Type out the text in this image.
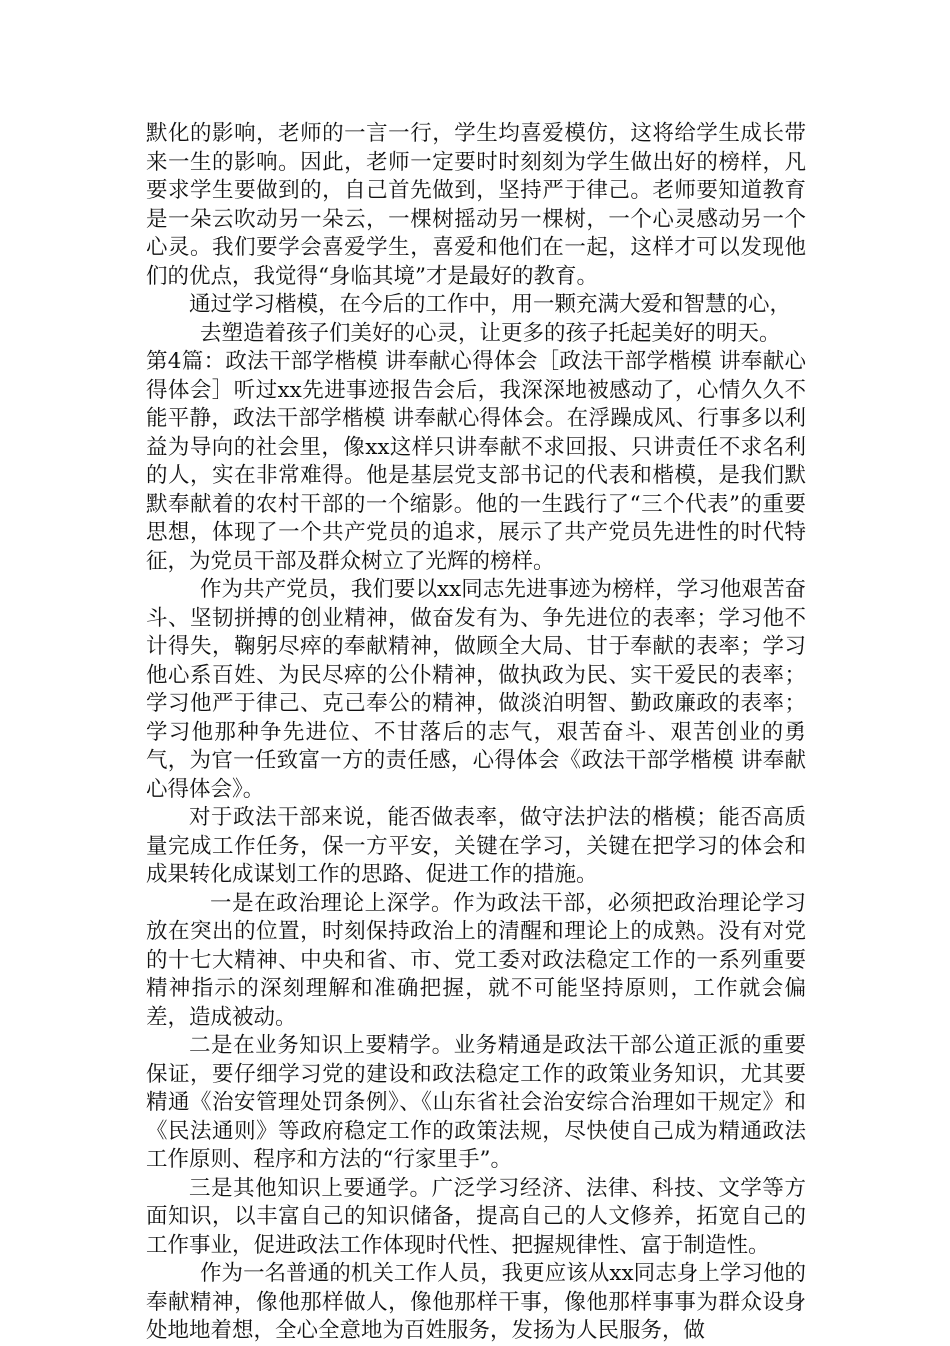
默化的影响，老师的一言一行，学生均喜爱模仿，这将给学生成长带来一生的影响。因此，老师一定要时时刻刻为学生做出好的榜样，凡要求学生要做到的，自己首先做到，坚持严于律己。老师要知道教育是一朵云吹动另一朵云，一棵树摇动另一棵树，一个心灵感动另一个心灵。我们要学会喜爱学生，喜爱和他们在一起，这样才可以发现他们的优点，我觉得“身临其境”才是最好的教育。

通过学习楷模，在今后的工作中，用一颗充满大爱和智慧的心，

去塑造着孩子们美好的心灵，让更多的孩子托起美好的明天。

第4篇：政法干部学楷模 讲奉献心得体会［政法干部学楷模 讲奉献心得体会］听过xx先进事迹报告会后，我深深地被感动了，心情久久不能平静，政法干部学楷模 讲奉献心得体会。在浮躁成风、行事多以利益为导向的社会里，像xx这样只讲奉献不求回报、只讲责任不求名利的人，实在非常难得。他是基层党支部书记的代表和楷模，是我们默默奉献着的农村干部的一个缩影。他的一生践行了“三个代表”的重要思想，体现了一个共产党员的追求，展示了共产党员先进性的时代特征，为党员干部及群众树立了光辉的榜样。

作为共产党员，我们要以xx同志先进事迹为榜样，学习他艰苦奋斗、坚韧拼搏的创业精神，做奋发有为、争先进位的表率；学习他不计得失，鞠躬尽瘁的奉献精神，做顾全大局、甘于奉献的表率；学习他心系百姓、为民尽瘁的公仆精神，做执政为民、实干爱民的表率；学习他严于律己、克己奉公的精神，做淡泊明智、勤政廉政的表率；学习他那种争先进位、不甘落后的志气，艰苦奋斗、艰苦创业的勇气，为官一任致富一方的责任感，心得体会《政法干部学楷模 讲奉献心得体会》。

对于政法干部来说，能否做表率，做守法护法的楷模；能否高质量完成工作任务，保一方平安，关键在学习，关键在把学习的体会和成果转化成谋划工作的思路、促进工作的措施。

一是在政治理论上深学。作为政法干部，必须把政治理论学习放在突出的位置，时刻保持政治上的清醒和理论上的成熟。没有对党的十七大精神、中央和省、市、党工委对政法稳定工作的一系列重要精神指示的深刻理解和准确把握，就不可能坚持原则，工作就会偏差，造成被动。

二是在业务知识上要精学。业务精通是政法干部公道正派的重要保证，要仔细学习党的建设和政法稳定工作的政策业务知识，尤其要精通《治安管理处罚条例》、《山东省社会治安综合治理如干规定》和《民法通则》等政府稳定工作的政策法规，尽快使自己成为精通政法工作原则、程序和方法的“行家里手”。

三是其他知识上要通学。广泛学习经济、法律、科技、文学等方面知识，以丰富自己的知识储备，提高自己的人文修养，拓宽自己的工作事业，促进政法工作体现时代性、把握规律性、富于制造性。

作为一名普通的机关工作人员，我更应该从xx同志身上学习他的奉献精神，像他那样做人，像他那样干事，像他那样事事为群众设身处地地着想，全心全意地为百姓服务，发扬为人民服务，做
